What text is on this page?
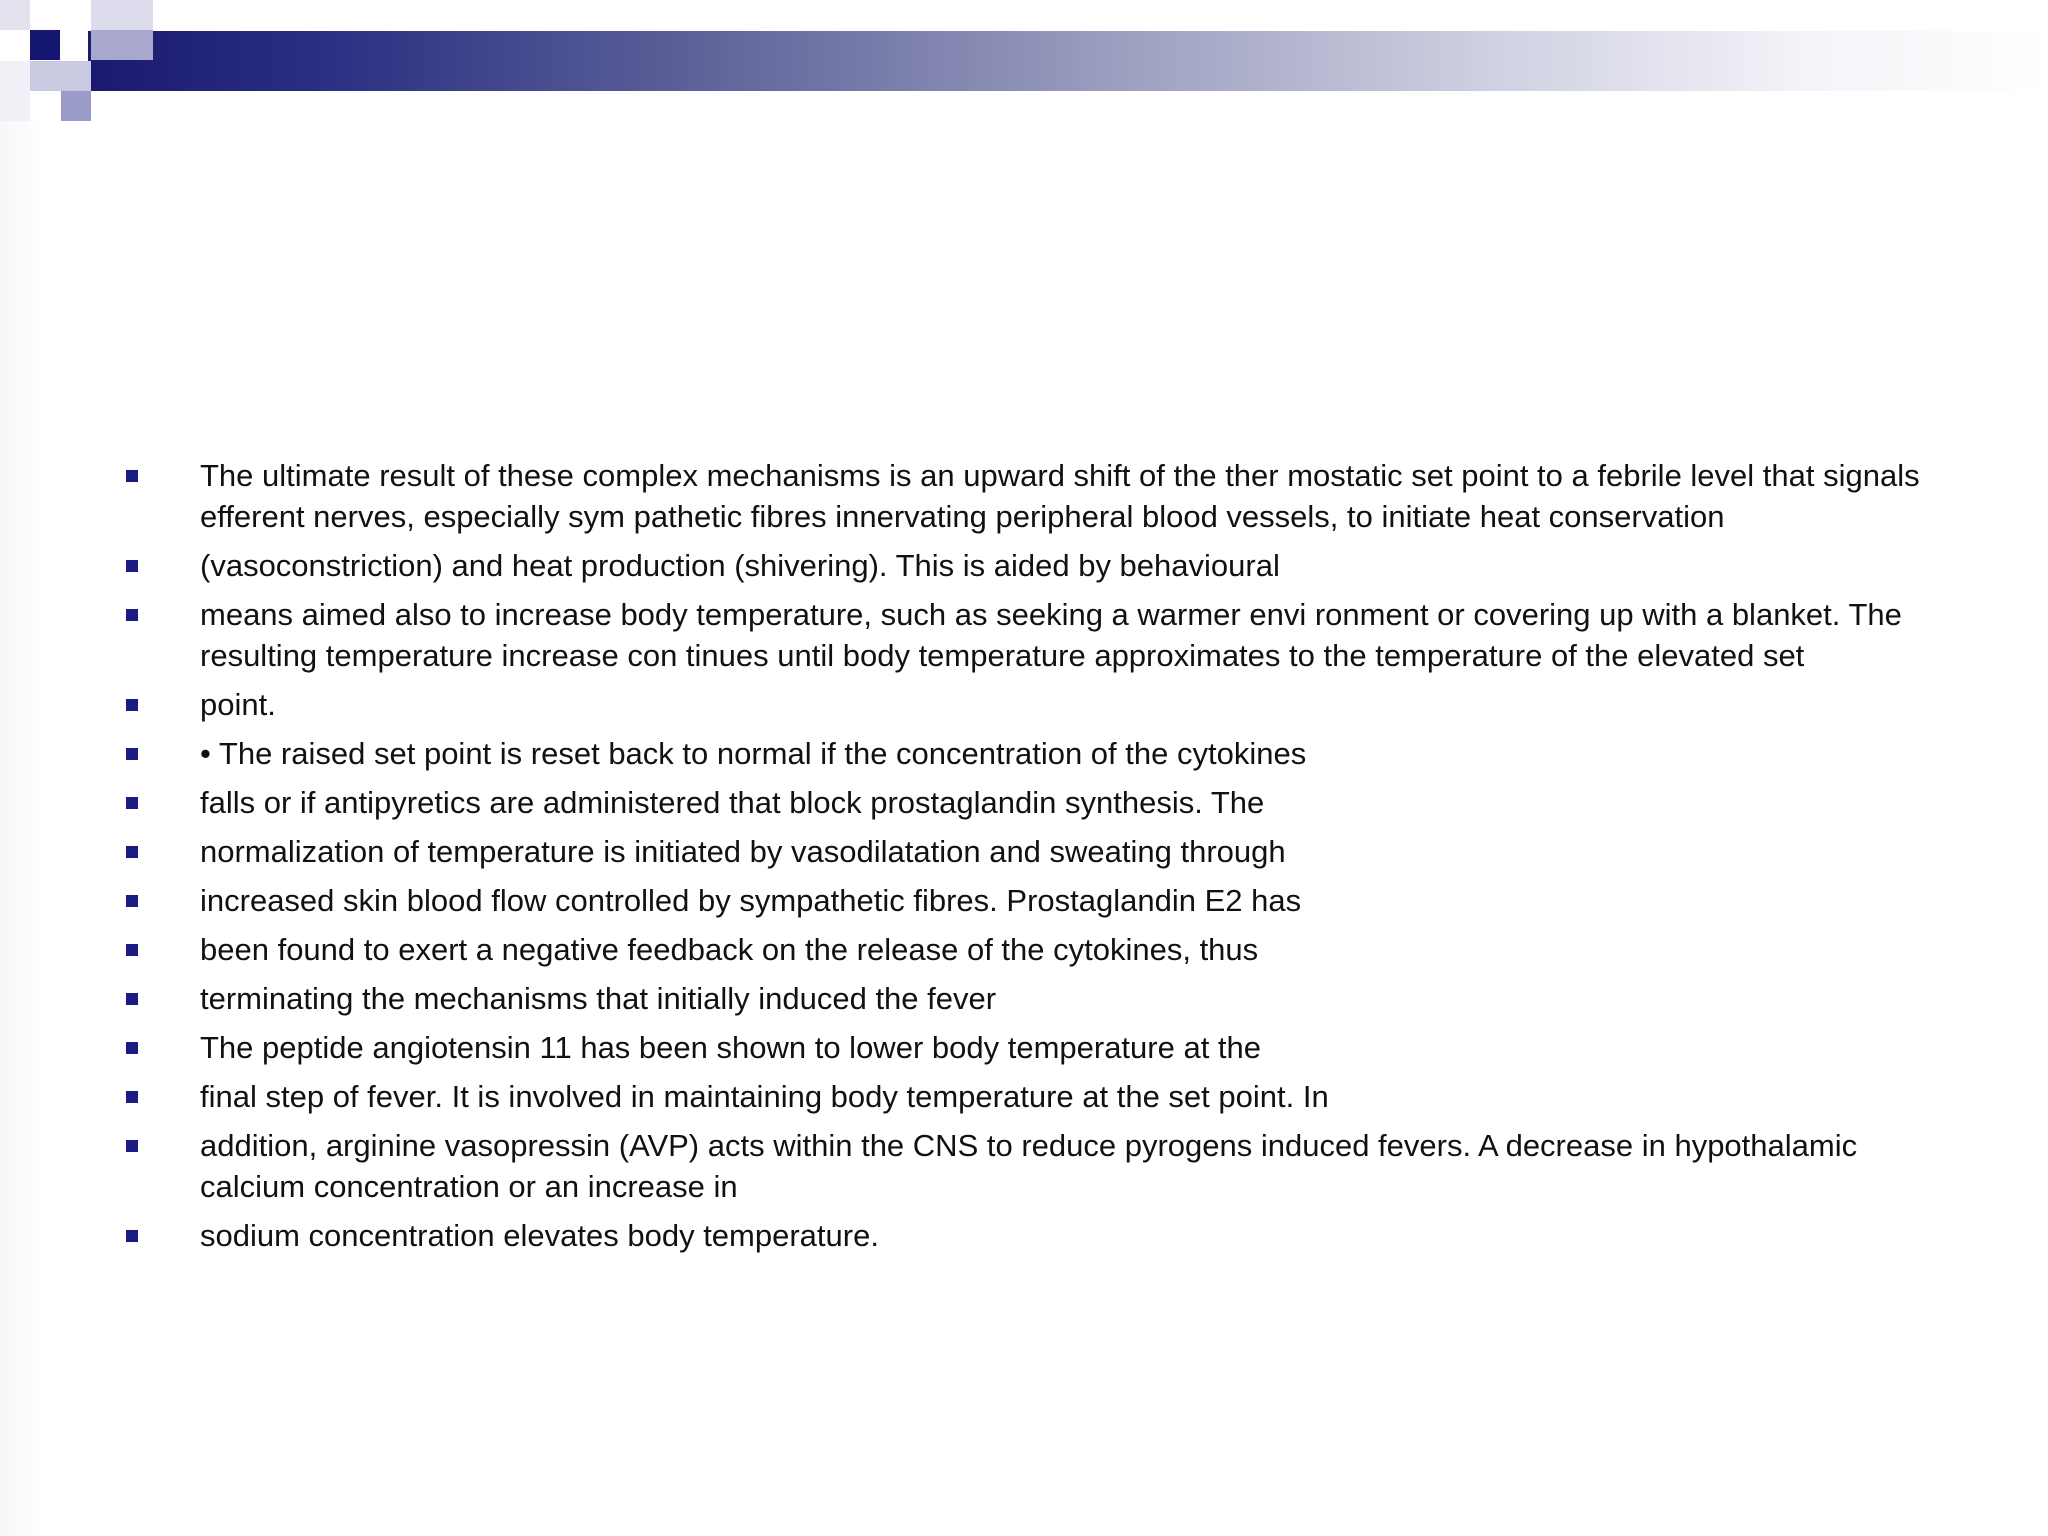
The ultimate result of these complex mechanisms is an upward shift of the ther mostatic set point to a febrile level that signals efferent nerves, especially sym pathetic fibres innervating peripheral blood vessels, to initiate heat conservation
(vasoconstriction) and heat production (shivering). This is aided by behavioural
means aimed also to increase body temperature, such as seeking a warmer envi ronment or covering up with a blanket. The resulting temperature increase con tinues until body temperature approximates to the temperature of the elevated set
point.
• The raised set point is reset back to normal if the concentration of the cytokines
falls or if antipyretics are administered that block prostaglandin synthesis. The
normalization of temperature is initiated by vasodilatation and sweating through
increased skin blood flow controlled by sympathetic fibres. Prostaglandin E2 has
been found to exert a negative feedback on the release of the cytokines, thus
terminating the mechanisms that initially induced the fever
The peptide angiotensin 11 has been shown to lower body temperature at the
final step of fever. It is involved in maintaining body temperature at the set point. In
addition, arginine vasopressin (AVP) acts within the CNS to reduce pyrogens induced fevers. A decrease in hypothalamic calcium concentration or an increase in
sodium concentration elevates body temperature.
